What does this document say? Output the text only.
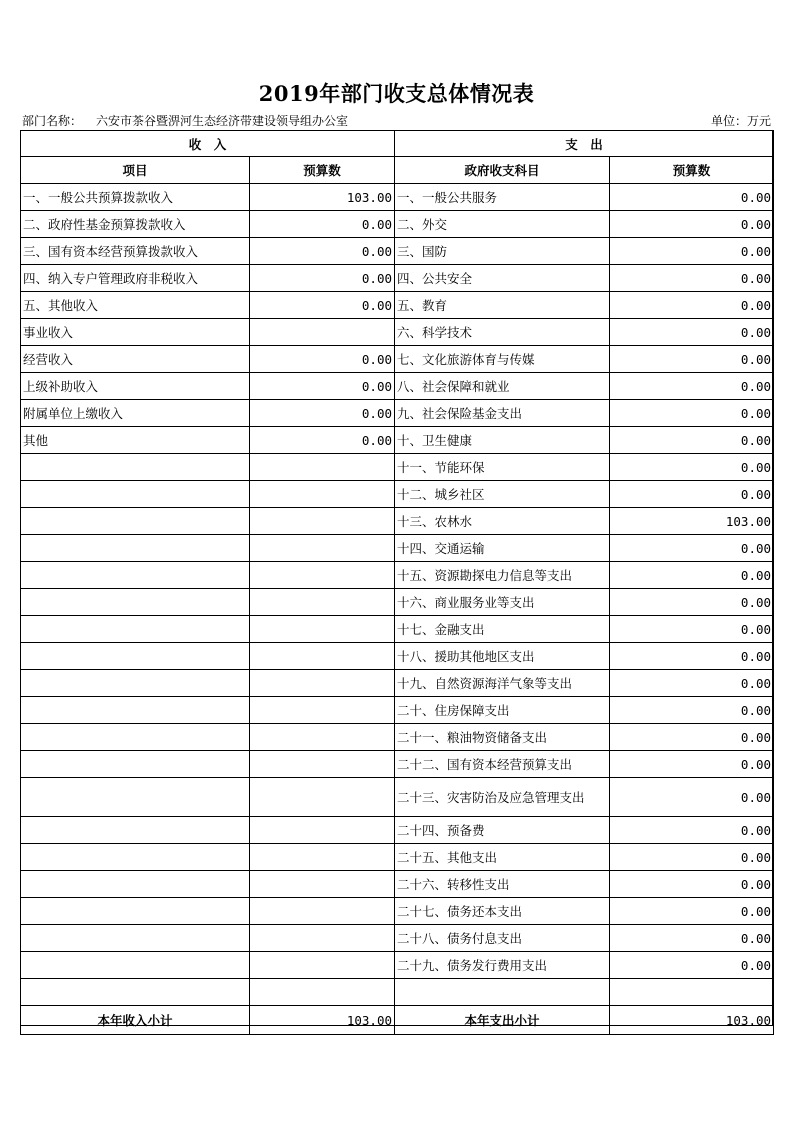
2019年部门收支总体情况表
部门名称： 六安市茶谷暨淠河生态经济带建设领导组办公室	单位：万元
收　入		支　出	
项目	预算数	政府收支科目	预算数
一、一般公共预算拨款收入	103.00	一、一般公共服务	0.00
二、政府性基金预算拨款收入	0.00	二、外交	0.00
三、国有资本经营预算拨款收入	0.00	三、国防	0.00
四、纳入专户管理政府非税收入	0.00	四、公共安全	0.00
五、其他收入	0.00	五、教育	0.00
事业收入		六、科学技术	0.00
经营收入	0.00	七、文化旅游体育与传媒	0.00
上级补助收入	0.00	八、社会保障和就业	0.00
附属单位上缴收入	0.00	九、社会保险基金支出	0.00
其他	0.00	十、卫生健康	0.00
		十一、节能环保	0.00
		十二、城乡社区	0.00
		十三、农林水	103.00
		十四、交通运输	0.00
		十五、资源勘探电力信息等支出	0.00
		十六、商业服务业等支出	0.00
		十七、金融支出	0.00
		十八、援助其他地区支出	0.00
		十九、自然资源海洋气象等支出	0.00
		二十、住房保障支出	0.00
		二十一、粮油物资储备支出	0.00
		二十二、国有资本经营预算支出	0.00
		二十三、灾害防治及应急管理支出	0.00
		二十四、预备费	0.00
		二十五、其他支出	0.00
		二十六、转移性支出	0.00
		二十七、债务还本支出	0.00
		二十八、债务付息支出	0.00
		二十九、债务发行费用支出	0.00

本年收入小计	103.00	本年支出小计	103.00
